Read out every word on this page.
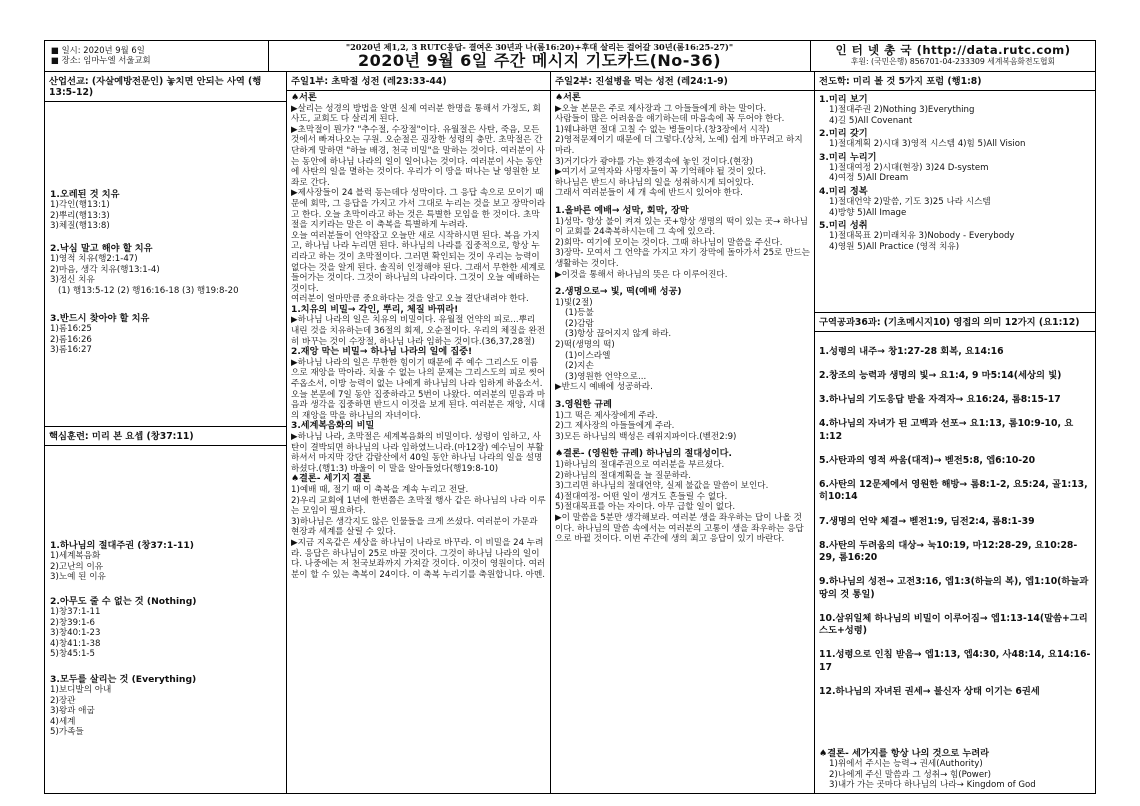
■ 일시: 2020년 9월 6일
■ 장소: 임마누엘 서울교회
"2020년 제1,2, 3 RUTC응답- 결여온 30년과 나(롬16:20)+후대 살리는 걸어갈 30년(롬16:25-27)"
2020년 9월 6일 주간 메시지 기도카드(No-36)
인 터 넷 총 국 (http://data.rutc.com)
후원: (국민은행) 856701-04-233309 세계복음화전도협회
산업선교: (자살예방전문인) 놓치면 안되는 사역 (행13:5-12)
1.오레된 것 치유
1)각인(행13:1)
2)뿌리(행13:3)
3)체질(행13:8)
2.낙심 말고 해야 할 치유
1)영적 치유(행2:1-47)
2)마음, 생각 치유(행13:1-4)
3)정신 치유
(1) 행13:5-12 (2) 행16:16-18 (3) 행19:8-20
3.반드시 찾아야 할 치유
1)롬16:25
2)롬16:26
3)롬16:27
핵심훈련: 미리 본 요셉 (창37:11)
1.하나님의 절대주권 (창37:1-11)
1)세계복음화
2)고난의 이유
3)노예 된 이유
2.아무도 줄 수 없는 것 (Nothing)
1)창37:1-11
2)창39:1-6
3)창40:1-23
4)창41:1-38
5)창45:1-5
3.모두를 살리는 것 (Everything)
1)보디발의 아내
2)장관
3)왕과 애굽
4)세계
5)가족들
주일1부: 초막절 성전 (레23:33-44)

♠서론

▶살리는 성경의 방법을 알면 실제 여러분 한명을 통해서 가정도, 회사도, 교회도 다 살리게 된다.

▶초막절이 뭔가? "추수절, 수장절"이다. 유월절은 사탄, 죽음, 모든 것에서 빠져나오는 구원. 오순절은 굉장한 성령의 충만. 초막절은 간단하게 말하면 "하늘 배경, 천국 비밀"을 말하는 것이다. 여러분이 사는 동안에 하나님 나라의 일이 일어나는 것이다. 여러분이 사는 동안에 사탄의 일을 멸하는 것이다. 우리가 이 땅을 떠나는 날 영원한 보좌로 간다.

▶제사장들이 24 블럭 동는데다 성막이다. 그 응답 속으로 모이기 때문에 회막, 그 응답을 가지고 가서 그대로 누리는 것을 보고 장막이라고 한다. 오늘 초막이라고 하는 것은 특별한 모임을 한 것이다. 초막절을 지키라는 말은 이 축복을 특별하게 누려라.

오늘 여러분들이 언약잡고 오늘만 새로 시작하시면 된다. 복음 가지고, 하나님 나라 누리면 된다. 하나님의 나라를 집중적으로, 항상 누리라고 하는 것이 초막절이다. 그러면 확인되는 것이 우리는 능력이 없다는 것을 알게 된다. 솔직히 인정해야 된다. 그래서 무한한 세계로 들어가는 것이다. 그것이 하나님의 나라이다. 그것이 오늘 예배하는 것이다.

여러분이 얼마만큼 중요하다는 것을 알고 오늘 결단내려야 한다.

1.치유의 비밀→ 각인, 뿌리, 체질 바꿔라!

▶하나님 나라의 일은 치유의 비밀이다. 유월절 언약의 피로...뿌리 내린 것을 치유하는데 36절의 회제, 오순절이다. 우리의 체질을 완전히 바꾸는 것이 수장절, 하나님 나라 임하는 것이다.(36,37,28절)

2.재앙 막는 비밀→ 하나님 나라의 일에 집중!

▶하나님 나라의 일은 무한한 힘이기 때문에 주 예수 그리스도 이름으로 재앙을 막아라. 치울 수 없는 나의 문제는 그리스도의 피로 씻어 주옵소서, 이방 능력이 없는 나에게 하나님의 나라 임하게 하옵소서. 오늘 본문에 7일 동안 집중하라고 5번이 나왔다. 여러분의 믿음과 마음과 생각을 집중하면 반드시 이것을 보게 된다. 여러분은 재앙, 시대의 재앙을 막을 하나님의 자녀이다.

3.세계복음화의 비밀

▶하나님 나라, 초막절은 세계복음화의 비밀이다. 성령이 임하고, 사탄이 결박되면 하나님의 나라 임하였느니라.(마12장) 예수님이 부활하셔서 마지막 강단 감람산에서 40일 동안 하나님 나라의 일을 설명하셨다.(행1:3) 바울이 이 말을 알아들었다(행19:8-10)

♠결론- 세기지 결론

1)예배 때, 절기 때 이 축복을 계속 누리고 전달.

2)우리 교회에 1년에 한번쯤은 초막절 행사 같은 하나님의 나라 이루는 모임이 필요하다.

3)하나님은 생각지도 않은 인물들을 크게 쓰셨다. 여러분이 가문과 현장과 세계를 살릴 수 있다.

▶지금 지옥같은 세상을 하나님이 나라로 바꾸라. 이 비밀을 24 누려라. 응답은 하나님이 25로 바꿀 것이다. 그것이 하나님 나라의 일이다. 나중에는 저 천국보좌까지 가져갈 것이다. 이것이 영원이다. 여러분이 할 수 있는 축복이 24이다. 이 축복 누리기를 축원합니다. 아멘.

주일2부: 진설병을 먹는 성전 (레24:1-9)

♠서론

▶오늘 본문은 주로 제사장과 그 아들들에게 하는 말이다.

사람들이 많은 어려움을 얘기하는데 마음속에 꼭 두어야 한다.

1)웨냐하면 절대 고칠 수 없는 병들이다.(창3장에서 시작)

2)영적문제이기 때문에 더 그렇다.(상처, 노예) 쉽게 바꾸려고 하지마라.

3)거기다가 광야를 가는 환경속에 놓인 것이다.(현장)

▶여기서 교역자와 사명자들이 꼭 기억해야 될 것이 있다.

하나님은 반드시 하나님의 일을 성취하시게 되어있다.

그래서 여러분들이 세 개 속에 반드시 있어야 한다.

1.올바른 예배→ 성막, 회막, 장막

1)성막- 항상 불이 켜져 있는 곳+항상 생명의 떡이 있는 곳→ 하나님이 교회를 24축복하시는데 그 속에 있으라.

2)회막- 여기에 모이는 것이다. 그때 하나님이 말씀을 주신다.

3)장막- 모여서 그 언약을 가지고 자기 장막에 돌아가서 25로 만드는 생활하는 것이다.

▶이것을 통해서 하나님의 뜻은 다 이루어진다.

2.생명으로→ 빛, 떡(예배 성공)

1)빛(2절)

(1)등불

(2)감람

(3)항상 끊어지지 않게 하라.

2)떡(생명의 떡)

(1)이스라엘

(2)지손

(3)영원한 언약으로...

▶반드시 예배에 성공하라.

3.영원한 규례

1)그 떡은 제사장에게 주라.

2)그 제사장의 아들들에게 주라.

3)모든 하나님의 백성은 레위지파이다.(벧전2:9)

♠결론- (영원한 규례) 하나님의 절대성이다.

1)하나님의 절대주권으로 여러분을 부르셨다.

2)하나님의 절대계획을 늘 질문하라.

3)그리면 하나님의 절대언약, 실제 불값을 말씀이 보인다.

4)절대여정- 어떤 일이 생겨도 흔들릴 수 없다.

5)절대목표를 아는 자이다. 아무 급할 일이 없다.

▶이 말씀을 5분만 생각해보라. 여러분 생을 좌우하는 답이 나올 것이다. 하나님의 말씀 속에서는 여러분의 고통이 생을 좌우하는 응답으로 바뀔 것이다. 이번 주간에 생의 최고 응답이 있기 바란다.

전도학: 미리 볼 것 5가지 포럼 (행1:8)
1.미리 보기
1)절대주권 2)Nothing 3)Everything
4)길 5)All Covenant
2.미리 갖기
1)절대계획 2)시대 3)영적 시스템 4)힘 5)All Vision
3.미리 누리기
1)절대여정 2)시대(현장) 3)24 D-system
4)여정 5)All Dream
4.미리 정복
1)절대언약 2)말씀, 기도 3)25 나라 시스템
4)방향 5)All Image
5.미리 성취
1)절대목표 2)미래치유 3)Nobody - Everybody
4)영원 5)All Practice (영적 치유)
구역공과36과: (기초메시지10) 영접의 의미 12가지 (요1:12)
1.성령의 내주→ 창1:27-28 회복, 요14:16
2.창조의 능력과 생명의 빛→ 요1:4, 9 마5:14(세상의 빛)
3.하나님의 기도응답 받을 자격자→ 요16:24, 롬8:15-17
4.하나님의 자녀가 된 고백과 선포→ 요1:13, 롬10:9-10, 요1:12
5.사탄과의 영적 싸움(대적)→ 벧전5:8, 엡6:10-20
6.사탄의 12문제에서 영원한 해방→ 롬8:1-2, 요5:24, 골1:13, 히10:14
7.생명의 언약 체결→ 벧전1:9, 딤전2:4, 롬8:1-39
8.사탄의 두려움의 대상→ 눅10:19, 마12:28-29, 요10:28-29, 롬16:20
9.하나님의 성전→ 고전3:16, 엡1:3(하늘의 복), 엡1:10(하늘과 땅의 것 통일)
10.삼위일체 하나님의 비밀이 이루어짐→ 엡1:13-14(말씀+그리스도+성령)
11.성령으로 인침 받음→ 엡1:13, 엡4:30, 사48:14, 요14:16-17
12.하나님의 자녀된 권세→ 불신자 상태 이기는 6권세
♠결론- 세가지를 항상 나의 것으로 누려라
1)위에서 주시는 능력→ 권세(Authority)
2)나에게 주신 말씀과 그 성취→ 힘(Power)
3)내가 가는 곳마다 하나님의 나라→ Kingdom of God
